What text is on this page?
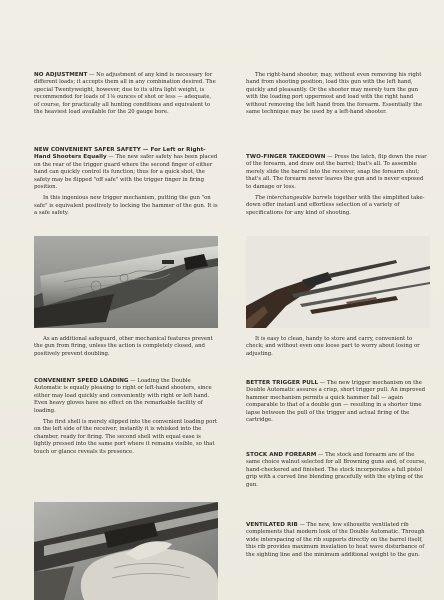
NO ADJUSTMENT — No adjustment of any kind is necessary for different loads; it accepts them all in any combination desired. The special Twentyweight, however, due to its ultra light weight, is recommended for loads of 1⅛ ounces of shot or less — adequate, of course, for practically all hunting conditions and equivalent to the heaviest load available for the 20 gauge bore.

NEW CONVENIENT SAFER SAFETY — For Left or Right-Hand Shooters Equally — The new safer safety has been placed on the rear of the trigger guard where the second finger of either hand can quickly control its function; thus for a quick shot, the safety may be flipped "off safe" with the trigger finger in firing position.

In this ingenious new trigger mechanism, putting the gun "on safe" is equivalent positively to locking the hammer of the gun. It is a safe safety.

As an additional safeguard, other mechanical features prevent the gun from firing, unless the action is completely closed, and positively prevent doubling.

CONVENIENT SPEED LOADING — Loading the Double Automatic is equally pleasing to right or left-hand shooters, since either may load quickly and conveniently with right or left hand. Even heavy gloves have no effect on the remarkable facility of loading.

The first shell is merely slipped into the convenient loading port on the left side of the receiver; instantly it is whisked into the chamber, ready for firing. The second shell with equal ease is lightly pressed into the same port where it remains visible, so that touch or glance reveals its presence.

The right-hand shooter, may, without even removing his right hand from shooting position, load this gun with the left hand, quickly and pleasantly. Or the shooter may merely turn the gun with the loading port uppermost and load with the right hand without removing the left hand from the forearm. Essentially the same technique may be used by a left-hand shooter.

TWO-FINGER TAKEDOWN — Press the latch, flip down the rear of the forearm, and draw out the barrel; that's all. To assemble merely slide the barrel into the receiver, snap the forearm shut; that's all. The forearm never leaves the gun and is never exposed to damage or loss.

The interchangeable barrels together with the simplified take-down offer instant and effortless selection of a variety of specifications for any kind of shooting.

It is easy to clean, handy to store and carry, convenient to check; and without even one loose part to worry about losing or adjusting.

BETTER TRIGGER PULL — The new trigger mechanism on the Double Automatic assures a crisp, short trigger pull. An improved hammer mechanism permits a quick hammer fall — again comparable to that of a double gun — resulting in a shorter time lapse between the pull of the trigger and actual firing of the cartridge.

STOCK AND FOREARM — The stock and forearm are of the same choice walnut selected for all Browning guns and, of course, hand-checkered and finished. The stock incorporates a full pistol grip with a curved line blending gracefully with the styling of the gun.

VENTILATED RIB — The new, low silhouette ventilated rib complements that modern look of the Double Automatic. Through wide interspacing of the rib supports directly on the barrel itself, this rib provides maximum insulation to heat wave disturbance of the sighting line and the minimum additional weight to the gun.
